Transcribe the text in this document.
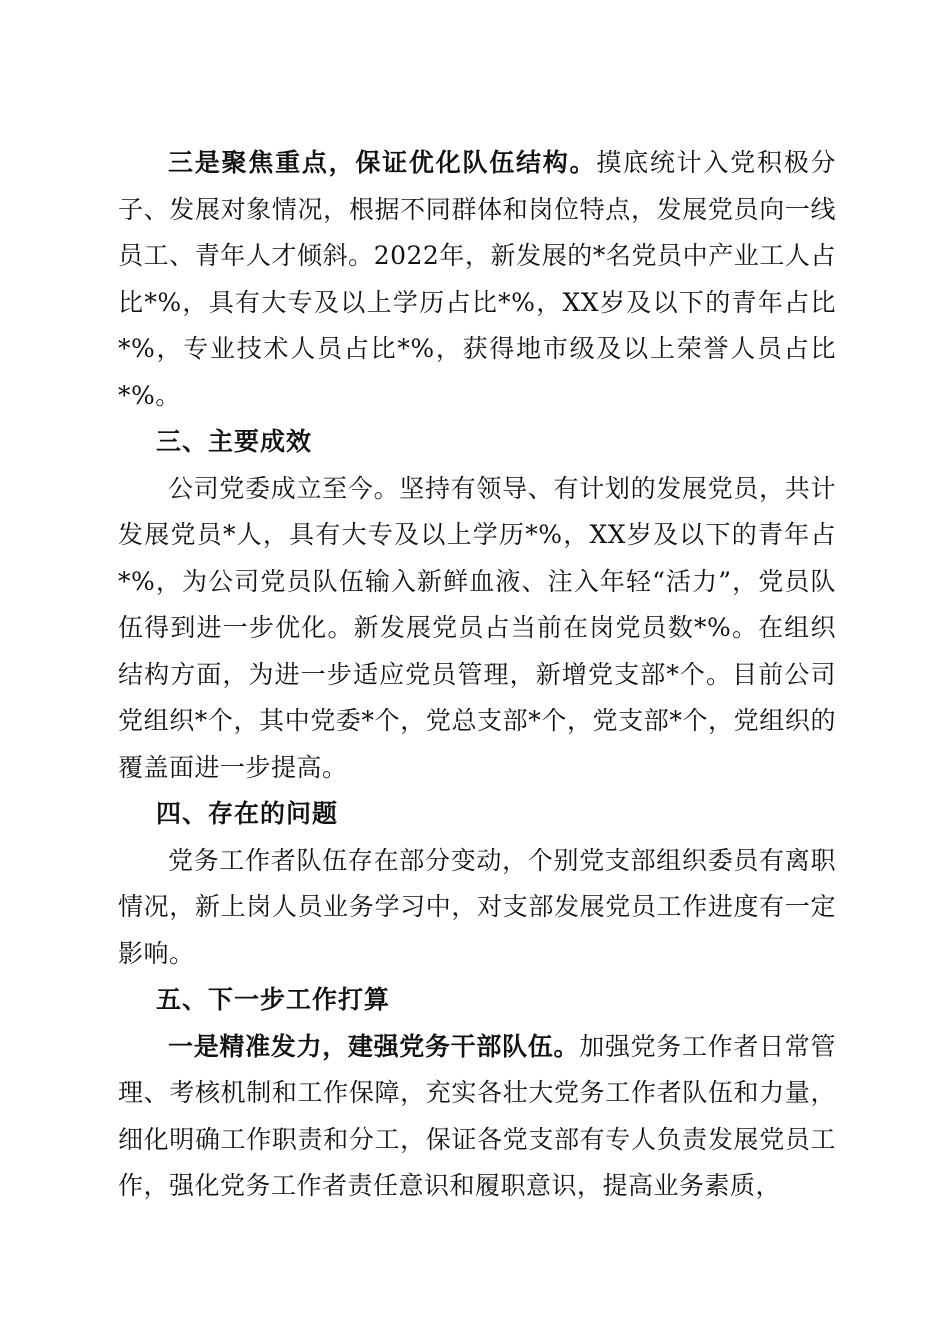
三是聚焦重点，保证优化队伍结构。摸底统计入党积极分子、发展对象情况，根据不同群体和岗位特点，发展党员向一线员工、青年人才倾斜。2022年，新发展的*名党员中产业工人占比*%，具有大专及以上学历占比*%，XX岁及以下的青年占比*%，专业技术人员占比*%，获得地市级及以上荣誉人员占比*%。

三、主要成效

公司党委成立至今。坚持有领导、有计划的发展党员，共计发展党员*人，具有大专及以上学历*%，XX岁及以下的青年占*%，为公司党员队伍输入新鲜血液、注入年轻“活力”，党员队伍得到进一步优化。新发展党员占当前在岗党员数*%。在组织结构方面，为进一步适应党员管理，新增党支部*个。目前公司党组织*个，其中党委*个，党总支部*个，党支部*个，党组织的覆盖面进一步提高。

四、存在的问题

党务工作者队伍存在部分变动，个别党支部组织委员有离职情况，新上岗人员业务学习中，对支部发展党员工作进度有一定影响。

五、下一步工作打算

一是精准发力，建强党务干部队伍。加强党务工作者日常管理、考核机制和工作保障，充实各壮大党务工作者队伍和力量，细化明确工作职责和分工，保证各党支部有专人负责发展党员工作，强化党务工作者责任意识和履职意识，提高业务素质，
